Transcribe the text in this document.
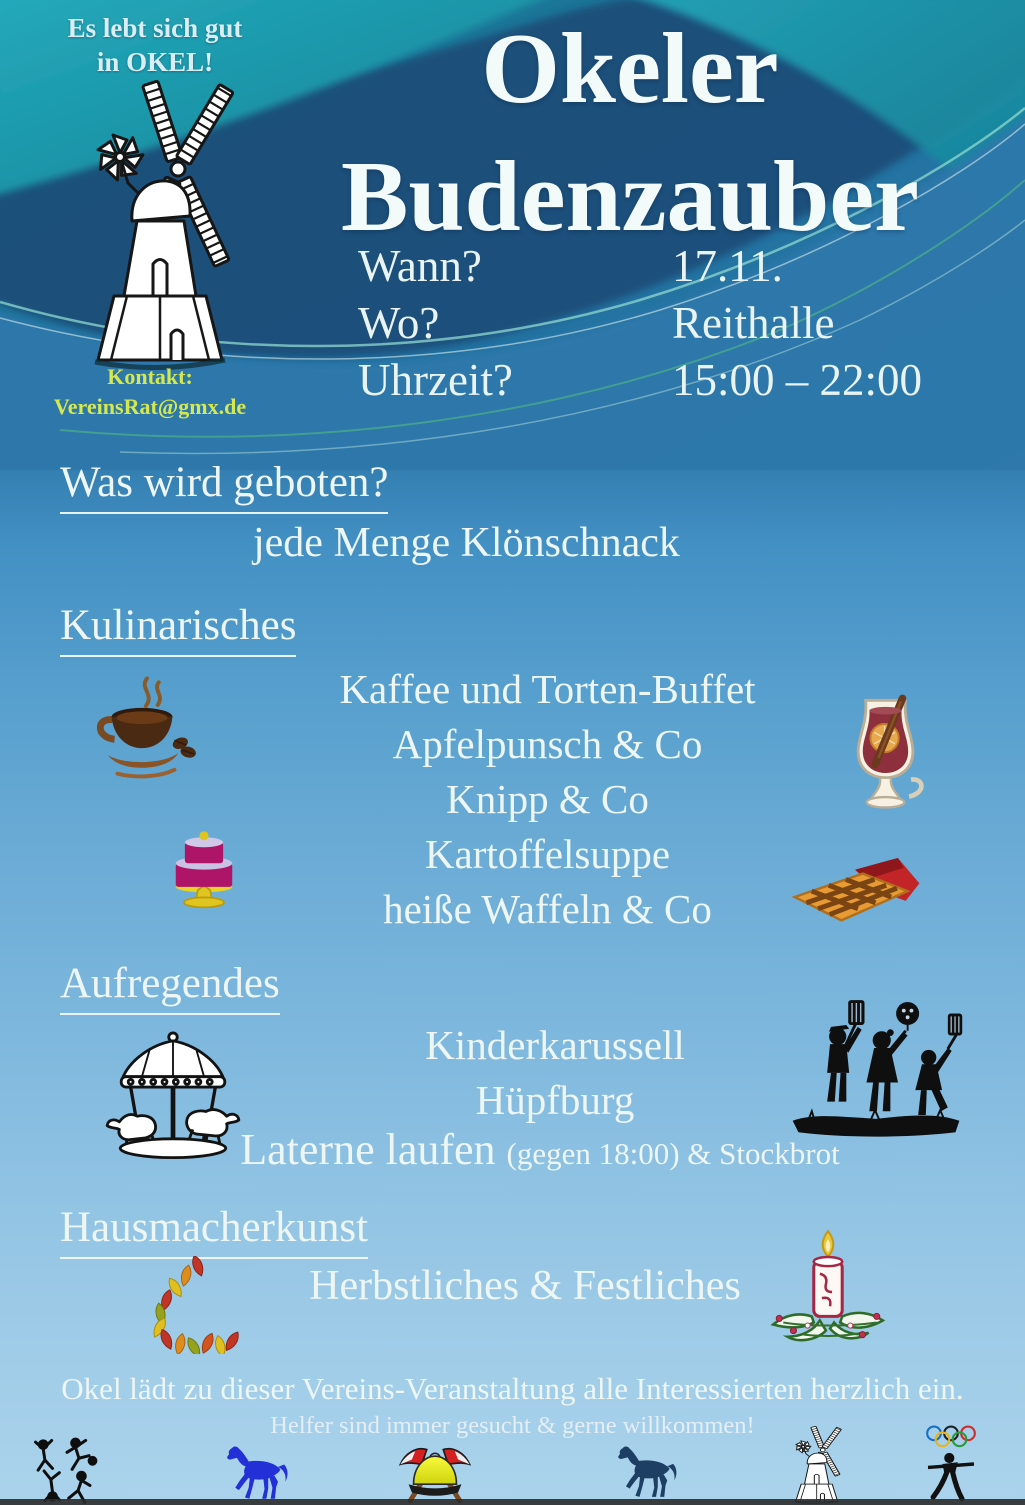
Es lebt sich gut
in OKEL!
Kontakt:
VereinsRat@gmx.de
Okeler
Budenzauber
Wann?	17.11.
Wo?	Reithalle
Uhrzeit?	15:00 – 22:00
Was wird geboten?
jede Menge Klönschnack
Kulinarisches
Kaffee und Torten-Buffet
Apfelpunsch & Co
Knipp & Co
Kartoffelsuppe
heiße Waffeln & Co
Aufregendes
Kinderkarussell
Hüpfburg
Laterne laufen (gegen 18:00) & Stockbrot
Hausmacherkunst
Herbstliches & Festliches
Okel lädt zu dieser Vereins-Veranstaltung alle Interessierten herzlich ein.
Helfer sind immer gesucht & gerne willkommen!
